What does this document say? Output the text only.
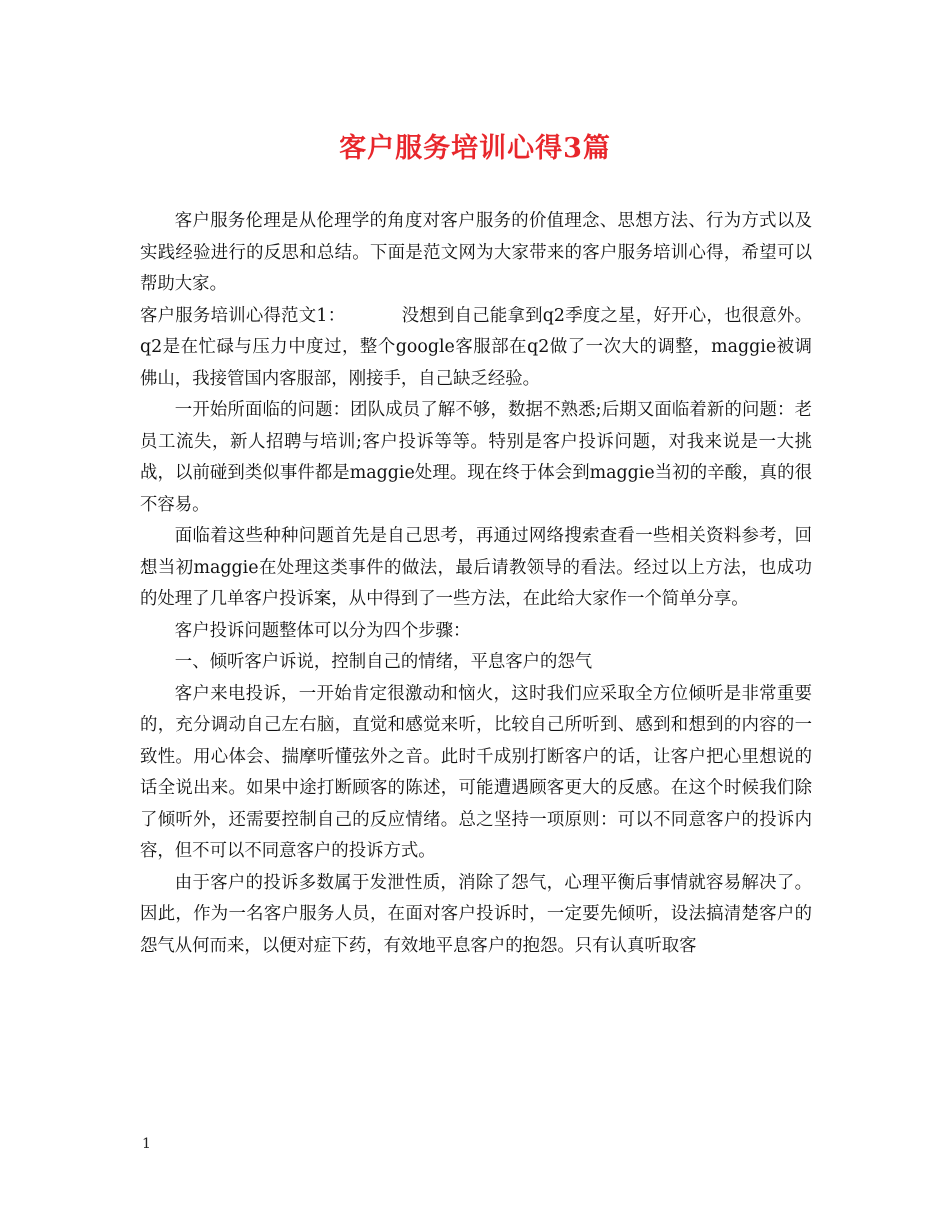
客户服务培训心得3篇

客户服务伦理是从伦理学的角度对客户服务的价值理念、思想方法、行为方式以及实践经验进行的反思和总结。下面是范文网为大家带来的客户服务培训心得，希望可以帮助大家。

客户服务培训心得范文1：	没想到自己能拿到q2季度之星，好开心，也很意外。q2是在忙碌与压力中度过，整个google客服部在q2做了一次大的调整，maggie被调佛山，我接管国内客服部，刚接手，自己缺乏经验。

一开始所面临的问题：团队成员了解不够，数据不熟悉;后期又面临着新的问题：老员工流失，新人招聘与培训;客户投诉等等。特别是客户投诉问题，对我来说是一大挑战，以前碰到类似事件都是maggie处理。现在终于体会到maggie当初的辛酸，真的很不容易。

面临着这些种种问题首先是自己思考，再通过网络搜索查看一些相关资料参考，回想当初maggie在处理这类事件的做法，最后请教领导的看法。经过以上方法，也成功的处理了几单客户投诉案，从中得到了一些方法，在此给大家作一个简单分享。

客户投诉问题整体可以分为四个步骤：

一、倾听客户诉说，控制自己的情绪，平息客户的怨气

客户来电投诉，一开始肯定很激动和恼火，这时我们应采取全方位倾听是非常重要的，充分调动自己左右脑，直觉和感觉来听，比较自己所听到、感到和想到的内容的一致性。用心体会、揣摩听懂弦外之音。此时千成别打断客户的话，让客户把心里想说的话全说出来。如果中途打断顾客的陈述，可能遭遇顾客更大的反感。在这个时候我们除了倾听外，还需要控制自己的反应情绪。总之坚持一项原则：可以不同意客户的投诉内容，但不可以不同意客户的投诉方式。

由于客户的投诉多数属于发泄性质，消除了怨气，心理平衡后事情就容易解决了。因此，作为一名客户服务人员，在面对客户投诉时，一定要先倾听，设法搞清楚客户的怨气从何而来，以便对症下药，有效地平息客户的抱怨。只有认真听取客

1
